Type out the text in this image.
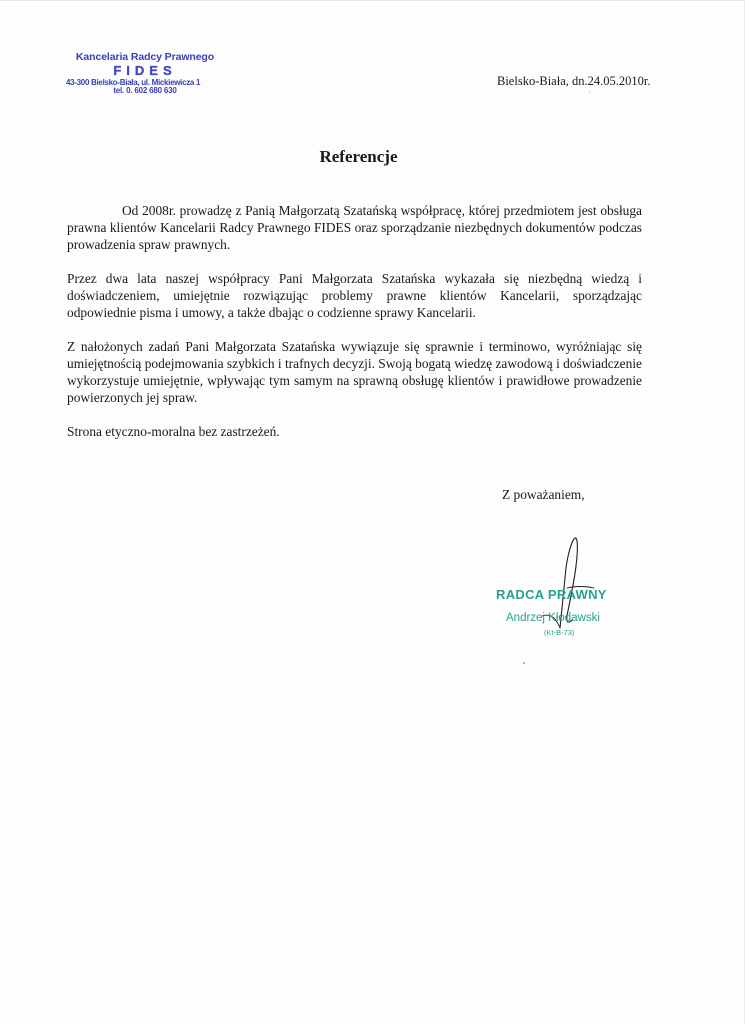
Kancelaria Radcy Prawnego
FIDES
43-300 Bielsko-Biała, ul. Mickiewicza 1
tel. 0. 602 680 630
Bielsko-Biała, dn.24.05.2010r.
Referencje

Od 2008r. prowadzę z Panią Małgorzatą Szatańską współpracę, której przedmiotem jest obsługa prawna klientów Kancelarii Radcy Prawnego FIDES oraz sporządzanie niezbędnych dokumentów podczas prowadzenia spraw prawnych.

Przez dwa lata naszej współpracy Pani Małgorzata Szatańska wykazała się niezbędną wiedzą i doświadczeniem, umiejętnie rozwiązując problemy prawne klientów Kancelarii, sporządzając odpowiednie pisma i umowy, a także dbając o codzienne sprawy Kancelarii.

Z nałożonych zadań Pani Małgorzata Szatańska wywiązuje się sprawnie i terminowo, wyróżniając się umiejętnością podejmowania szybkich i trafnych decyzji. Swoją bogatą wiedzę zawodową i doświadczenie wykorzystuje umiejętnie, wpływając tym samym na sprawną obsługę klientów i prawidłowe prowadzenie powierzonych jej spraw.

Strona etyczno-moralna bez zastrzeżeń.

Z poważaniem,
RADCA PRAWNY
Andrzej Kłodawski
(Kt-B-73)
